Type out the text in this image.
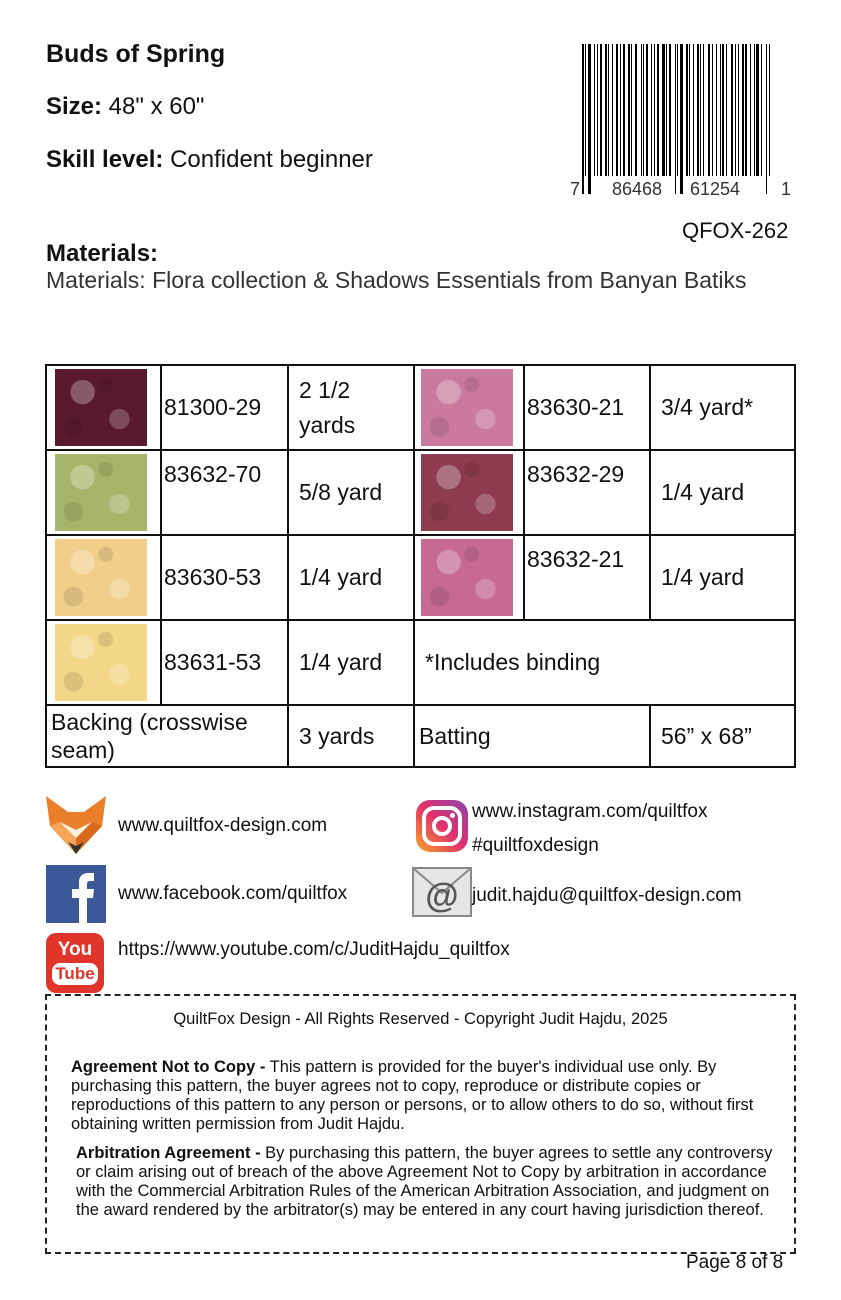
Buds of Spring
Size: 48" x 60"
Skill level: Confident beginner
7 86468 61254 1
QFOX-262
Materials:
Materials: Flora collection & Shadows Essentials from Banyan Batiks
	81300-29	2 1/2 yards		83630-21	3/4 yard*

	83632-70	5/8 yard		83632-29	1/4 yard

	83630-53	1/4 yard		83632-21	1/4 yard

	83631-53	1/4 yard	*Includes binding		
Backing (crosswise seam)		3 yards	Batting		56” x 68”
www.quiltfox-design.com
www.instagram.com/quiltfox
#quiltfoxdesign
www.facebook.com/quiltfox @ judit.hajdu@quiltfox-design.com
You
Tube
https://www.youtube.com/c/JuditHajdu_quiltfox
QuiltFox Design - All Rights Reserved - Copyright Judit Hajdu, 2025
Agreement Not to Copy - This pattern is provided for the buyer's individual use only. By purchasing this pattern, the buyer agrees not to copy, reproduce or distribute copies or reproductions of this pattern to any person or persons, or to allow others to do so, without first obtaining written permission from Judit Hajdu.
Arbitration Agreement - By purchasing this pattern, the buyer agrees to settle any controversy or claim arising out of breach of the above Agreement Not to Copy by arbitration in accordance with the Commercial Arbitration Rules of the American Arbitration Association, and judgment on the award rendered by the arbitrator(s) may be entered in any court having jurisdiction thereof.
Page 8 of 8
